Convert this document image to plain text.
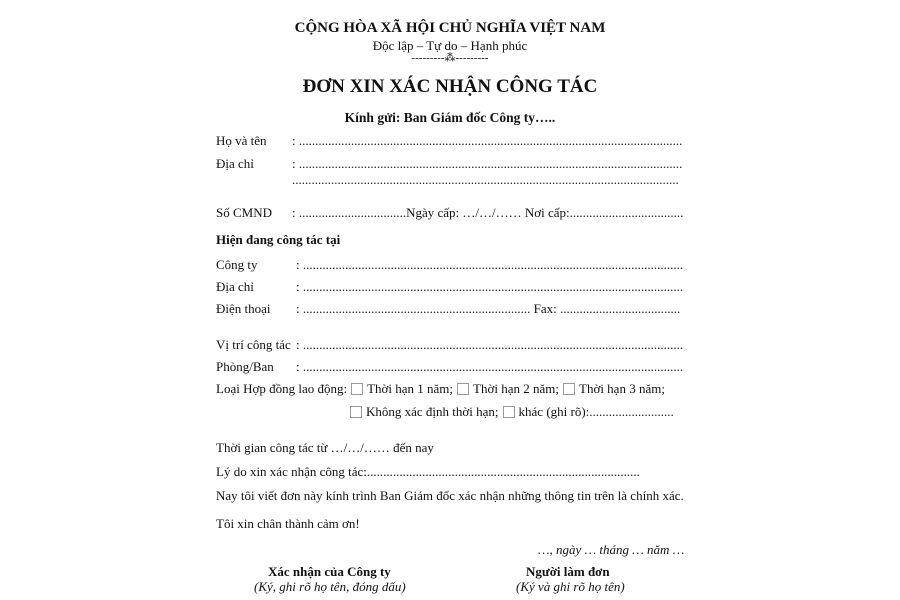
CỘNG HÒA XÃ HỘI CHỦ NGHĨA VIỆT NAM
Độc lập – Tự do – Hạnh phúc
---------⁂---------
ĐƠN XIN XÁC NHẬN CÔNG TÁC
Kính gửi: Ban Giám đốc Công ty…..
Họ và tên : ......................................................................................................................
Địa chỉ	: ......................................................................................................................
.......................................................................................................................
Số CMND : .................................Ngày cấp: …/…/…… Nơi cấp:...................................
Hiện đang công tác tại
Công ty	: .....................................................................................................................
Địa chỉ	: .....................................................................................................................
Điện thoại : ...................................................................... Fax: .....................................
Vị trí công tác : .....................................................................................................................
Phòng/Ban : .....................................................................................................................
Loại Hợp đồng lao động: Thời hạn 1 năm; Thời hạn 2 năm; Thời hạn 3 năm;
Không xác định thời hạn; khác (ghi rõ):..........................
Thời gian công tác từ …/…/…… đến nay
Lý do xin xác nhận công tác:....................................................................................
Nay tôi viết đơn này kính trình Ban Giám đốc xác nhận những thông tin trên là chính xác.
Tôi xin chân thành cảm ơn!
…, ngày … tháng … năm …
Xác nhận của Công ty
(Ký, ghi rõ họ tên, đóng dấu)
Người làm đơn
(Ký và ghi rõ họ tên)
